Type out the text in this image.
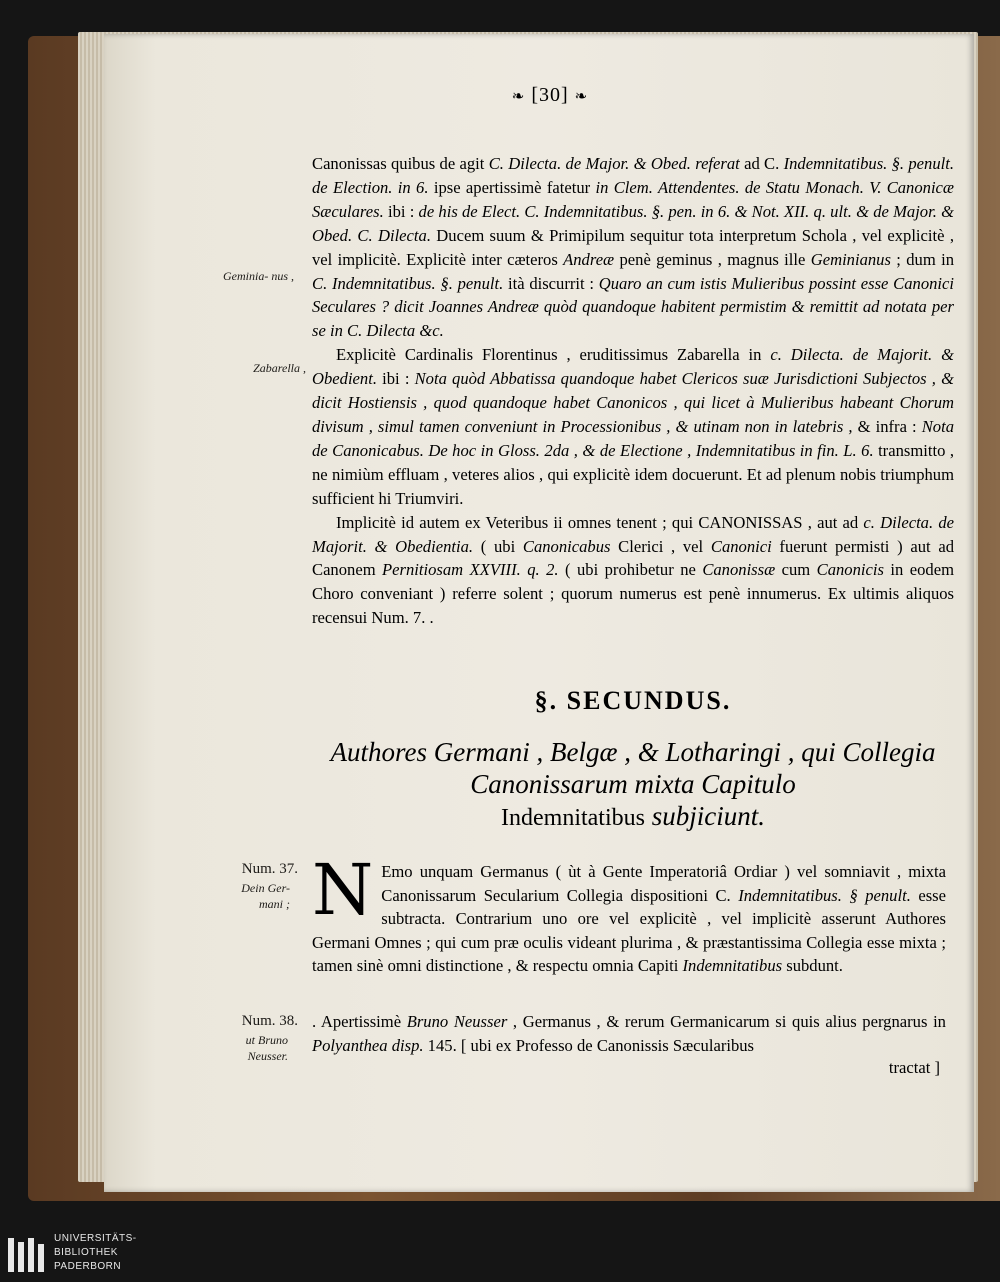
❧ [30] ❧
Geminia- nus ,
Zabarella ,

Canonissas quibus de agit C. Dilecta. de Major. & Obed. referat ad C. Indemnitatibus. §. penult. de Election. in 6. ipse apertissimè fatetur in Clem. Attendentes. de Statu Monach. V. Canonicæ Sæculares. ibi : de his de Elect. C. Indemnitatibus. §. pen. in 6. & Not. XII. q. ult. & de Major. & Obed. C. Dilecta. Ducem suum & Primipilum sequitur tota interpretum Schola , vel explicitè , vel implicitè. Explicitè inter cæteros Andreæ penè geminus , magnus ille Geminianus ; dum in C. Indemnitatibus. §. penult. ità discurrit : Quaro an cum istis Mulieribus possint esse Canonici Seculares ? dicit Joannes Andreæ quòd quandoque habitent permistim & remittit ad notata per se in C. Dilecta &c.

Explicitè Cardinalis Florentinus , eruditissimus Zabarella in c. Dilecta. de Majorit. & Obedient. ibi : Nota quòd Abbatissa quandoque habet Clericos suæ Jurisdictioni Subjectos , & dicit Hostiensis , quod quandoque habet Canonicos , qui licet à Mulieribus habeant Chorum divisum , simul tamen conveniunt in Processionibus , & utinam non in latebris , & infra : Nota de Canonicabus. De hoc in Gloss. 2da , & de Electione , Indemnitatibus in fin. L. 6. transmitto , ne nimiùm effluam , veteres alios , qui explicitè idem docuerunt. Et ad plenum nobis triumphum sufficient hi Triumviri.

Implicitè id autem ex Veteribus ii omnes tenent ; qui CANONISSAS , aut ad c. Dilecta. de Majorit. & Obedientia. ( ubi Canonicabus Clerici , vel Canonici fuerunt permisti ) aut ad Canonem Pernitiosam XXVIII. q. 2. ( ubi prohibetur ne Canonissæ cum Canonicis in eodem Choro conveniant ) referre solent ; quorum numerus est penè innumerus. Ex ultimis aliquos recensui Num. 7. .

§. SECUNDUS.
Authores Germani , Belgæ , & Lotharingi , qui Collegia Canonissarum mixta Capitulo
Indemnitatibus subjiciunt.
Num. 37.
Dein Ger- mani ; N Emo unquam Germanus ( ùt à Gente Imperatoriâ Ordiar ) vel somniavit , mixta Canonissarum Secularium Collegia dispositioni C. Indemnitatibus. § penult. esse subtracta. Contrarium uno ore vel explicitè , vel implicitè asserunt Authores Germani Omnes ; qui cum præ oculis videant plurima , & præstantissima Collegia esse mixta ; tamen sinè omni distinctione , & respectu omnia Capiti Indemnitatibus subdunt.
Num. 38.
ut Bruno Neusser.
. Apertissimè Bruno Neusser , Germanus , & rerum Germanicarum si quis alius pergnarus in Polyanthea disp. 145. [ ubi ex Professo de Canonissis Sæcularibus
tractat ]
UNIVERSITÄTS-
BIBLIOTHEK
PADERBORN
